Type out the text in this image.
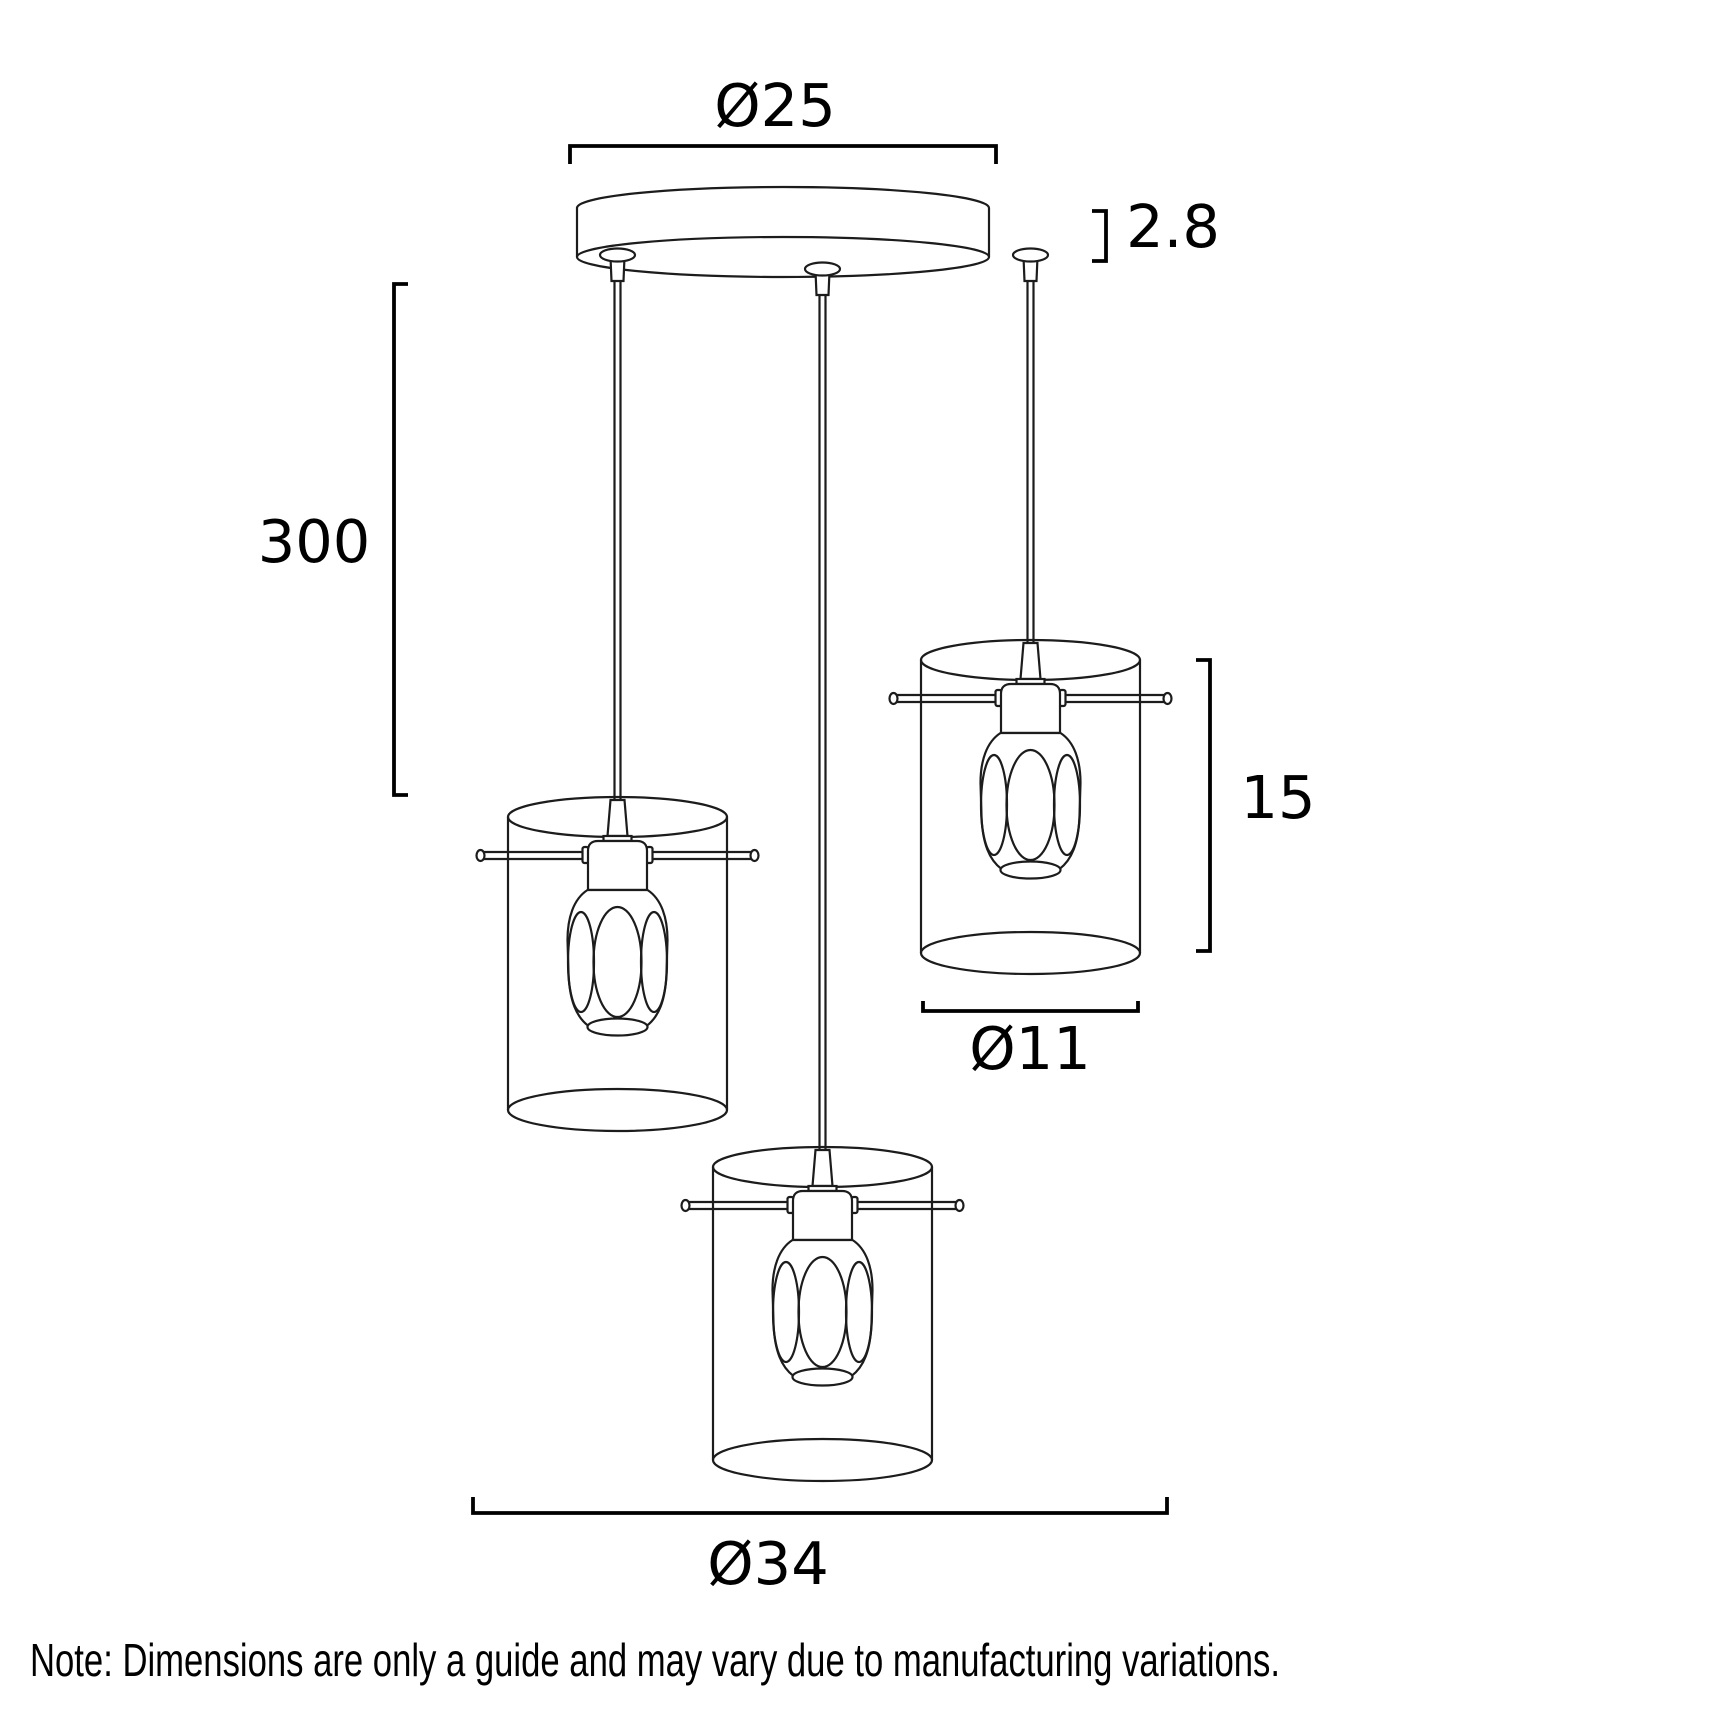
Ø25
2.8
300
15
Ø11
Ø34
Note: Dimensions are only a guide and may vary due to manufacturing variations.
